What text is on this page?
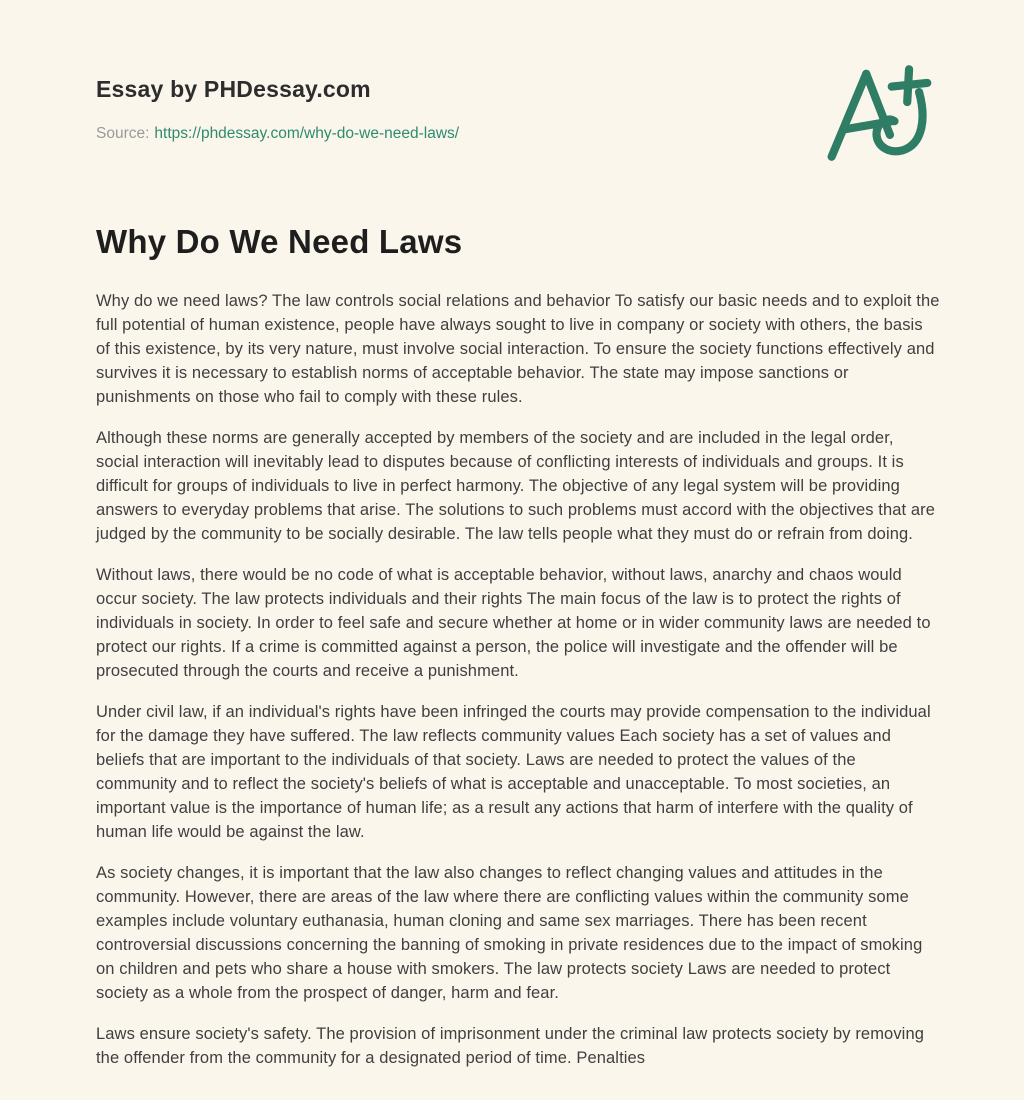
Essay by PHDessay.com
Source: https://phdessay.com/why-do-we-need-laws/
Why Do We Need Laws

Why do we need laws? The law controls social relations and behavior To satisfy our basic needs and to exploit the full potential of human existence, people have always sought to live in company or society with others, the basis of this existence, by its very nature, must involve social interaction. To ensure the society functions effectively and survives it is necessary to establish norms of acceptable behavior. The state may impose sanctions or punishments on those who fail to comply with these rules.

Although these norms are generally accepted by members of the society and are included in the legal order, social interaction will inevitably lead to disputes because of conflicting interests of individuals and groups. It is difficult for groups of individuals to live in perfect harmony. The objective of any legal system will be providing answers to everyday problems that arise. The solutions to such problems must accord with the objectives that are judged by the community to be socially desirable. The law tells people what they must do or refrain from doing.

Without laws, there would be no code of what is acceptable behavior, without laws, anarchy and chaos would occur society. The law protects individuals and their rights The main focus of the law is to protect the rights of individuals in society. In order to feel safe and secure whether at home or in wider community laws are needed to protect our rights. If a crime is committed against a person, the police will investigate and the offender will be prosecuted through the courts and receive a punishment.

Under civil law, if an individual's rights have been infringed the courts may provide compensation to the individual for the damage they have suffered. The law reflects community values Each society has a set of values and beliefs that are important to the individuals of that society. Laws are needed to protect the values of the community and to reflect the society's beliefs of what is acceptable and unacceptable. To most societies, an important value is the importance of human life; as a result any actions that harm of interfere with the quality of human life would be against the law.

As society changes, it is important that the law also changes to reflect changing values and attitudes in the community. However, there are areas of the law where there are conflicting values within the community some examples include voluntary euthanasia, human cloning and same sex marriages. There has been recent controversial discussions concerning the banning of smoking in private residences due to the impact of smoking on children and pets who share a house with smokers. The law protects society Laws are needed to protect society as a whole from the prospect of danger, harm and fear.

Laws ensure society's safety. The provision of imprisonment under the criminal law protects society by removing the offender from the community for a designated period of time. Penalties
